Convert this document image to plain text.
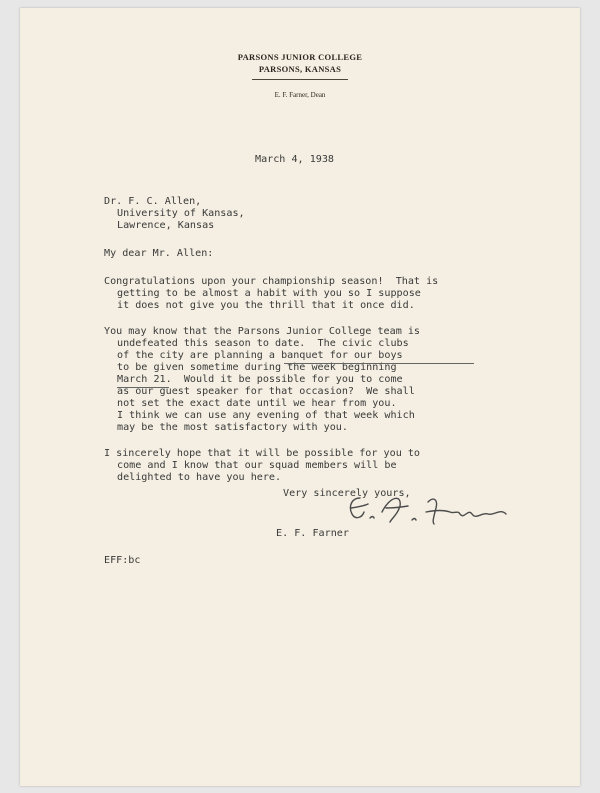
PARSONS JUNIOR COLLEGE
PARSONS, KANSAS
E. F. Farner, Dean
March 4, 1938
Dr. F. C. Allen,
University of Kansas,
Lawrence, Kansas
My dear Mr. Allen:
Congratulations upon your championship season!  That is
getting to be almost a habit with you so I suppose
it does not give you the thrill that it once did.
You may know that the Parsons Junior College team is
undefeated this season to date.  The civic clubs
of the city are planning a banquet for our boys
to be given sometime during the week beginning
March 21.  Would it be possible for you to come
as our guest speaker for that occasion?  We shall
not set the exact date until we hear from you.
I think we can use any evening of that week which
may be the most satisfactory with you.
I sincerely hope that it will be possible for you to
come and I know that our squad members will be
delighted to have you here.
Very sincerely yours,
E. F. Farner
EFF:bc
